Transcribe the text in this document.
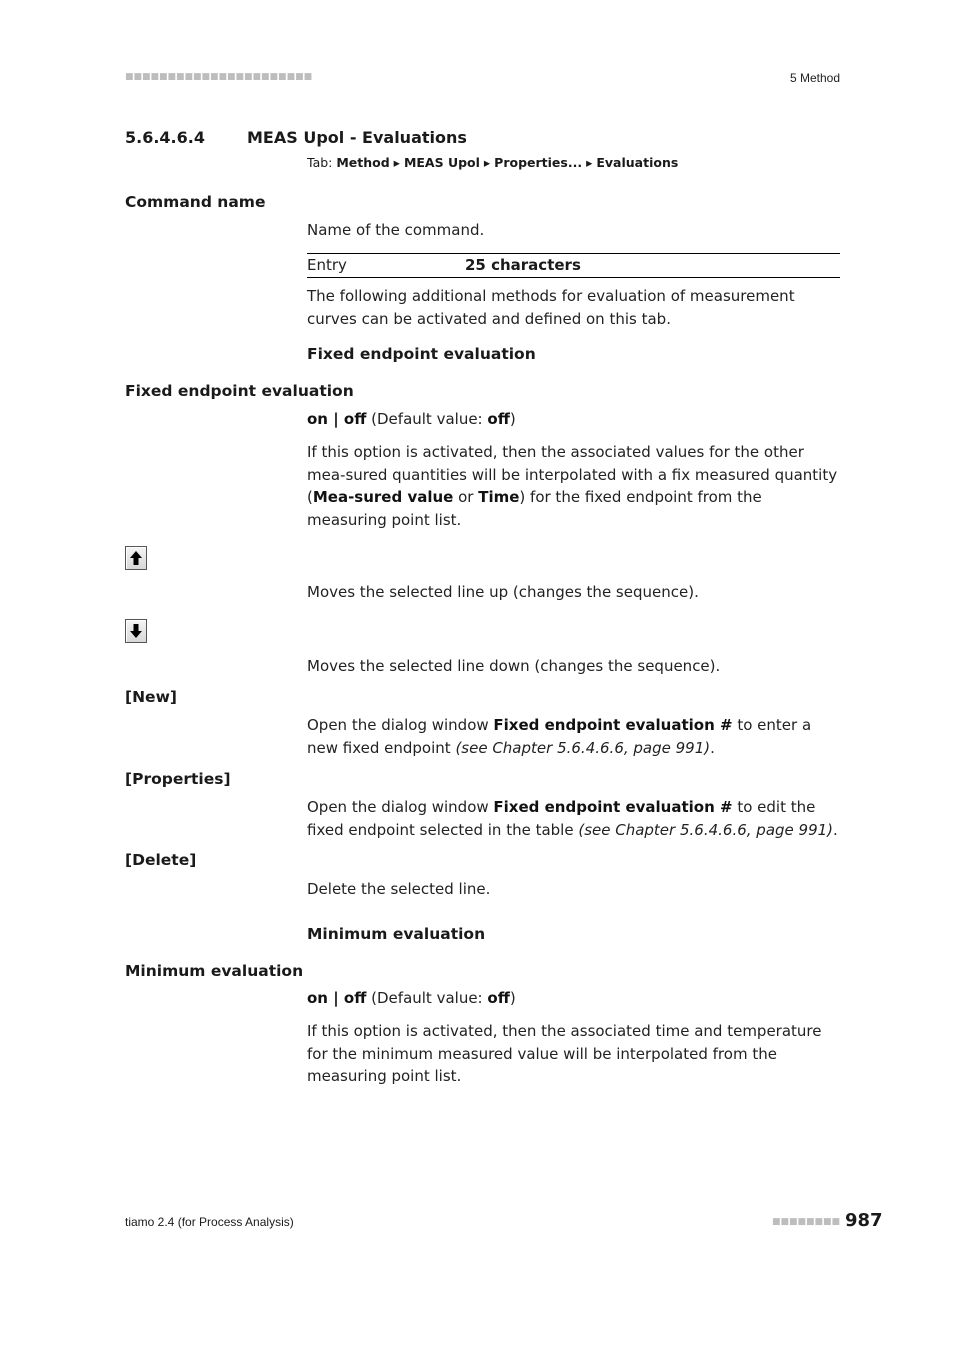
■■■■■■■■■■■■■■■■■■■■■■	5 Method
5.6.4.6.4	MEAS Upol - Evaluations
Tab: Method ▸ MEAS Upol ▸ Properties... ▸ Evaluations
Command name
Name of the command.
Entry	25 characters
The following additional methods for evaluation of measurement curves can be activated and defined on this tab.
Fixed endpoint evaluation
Fixed endpoint evaluation
on | off (Default value: off)
If this option is activated, then the associated values for the other mea-sured quantities will be interpolated with a fix measured quantity (Mea-sured value or Time) for the fixed endpoint from the measuring point list.
Moves the selected line up (changes the sequence).
Moves the selected line down (changes the sequence).
[New]
Open the dialog window Fixed endpoint evaluation # to enter a new fixed endpoint (see Chapter 5.6.4.6.6, page 991).
[Properties]
Open the dialog window Fixed endpoint evaluation # to edit the fixed endpoint selected in the table (see Chapter 5.6.4.6.6, page 991).
[Delete]
Delete the selected line.
Minimum evaluation
Minimum evaluation
on | off (Default value: off)
If this option is activated, then the associated time and temperature for the minimum measured value will be interpolated from the measuring point list.
tiamo 2.4 (for Process Analysis)	■■■■■■■■ 987
